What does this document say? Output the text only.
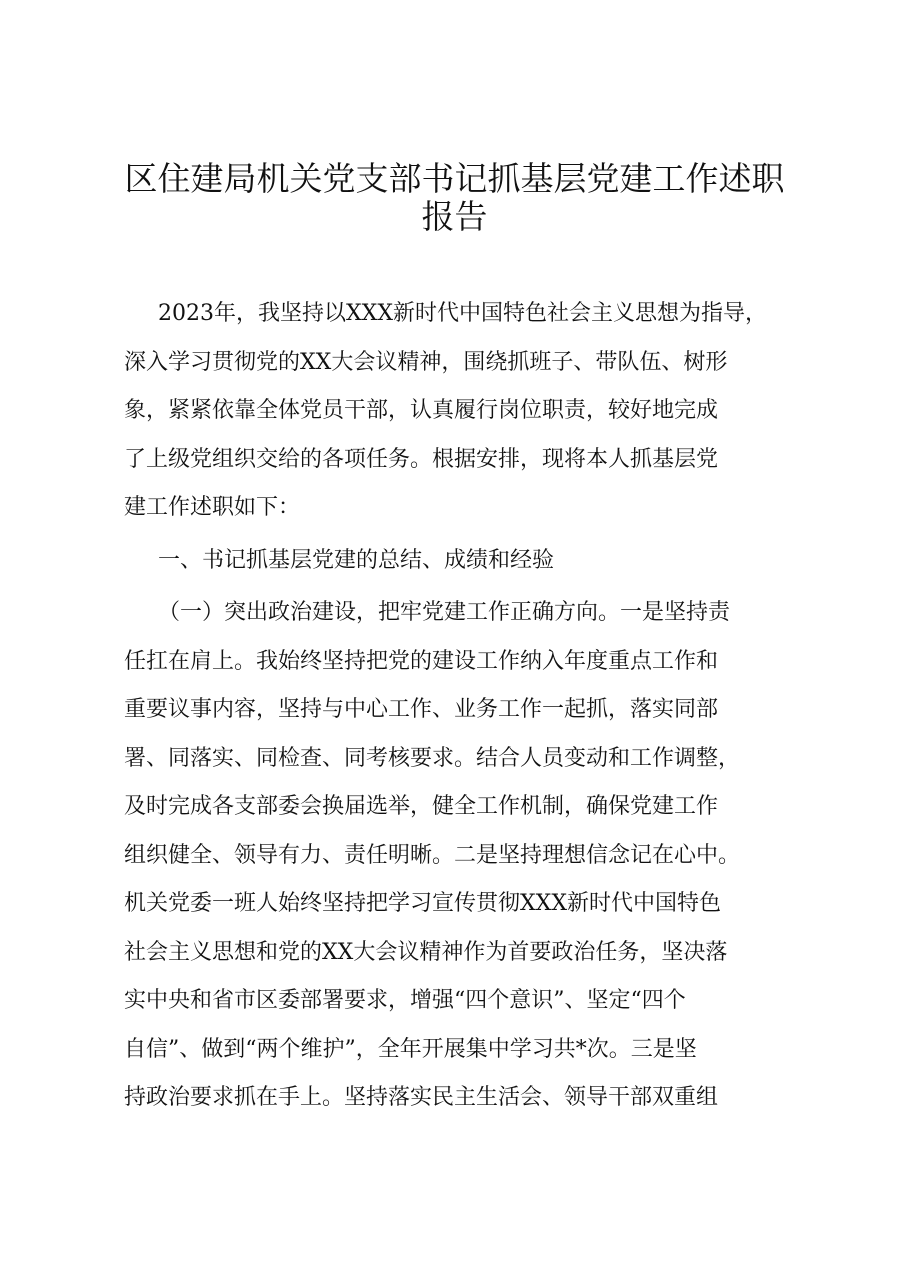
区住建局机关党支部书记抓基层党建工作述职
报告
2023年，我坚持以XXX新时代中国特色社会主义思想为指导，
深入学习贯彻党的XX大会议精神，围绕抓班子、带队伍、树形
象，紧紧依靠全体党员干部，认真履行岗位职责，较好地完成
了上级党组织交给的各项任务。根据安排，现将本人抓基层党
建工作述职如下：
一、书记抓基层党建的总结、成绩和经验
（一）突出政治建设，把牢党建工作正确方向。一是坚持责
任扛在肩上。我始终坚持把党的建设工作纳入年度重点工作和
重要议事内容，坚持与中心工作、业务工作一起抓，落实同部
署、同落实、同检查、同考核要求。结合人员变动和工作调整，
及时完成各支部委会换届选举，健全工作机制，确保党建工作
组织健全、领导有力、责任明晰。二是坚持理想信念记在心中。
机关党委一班人始终坚持把学习宣传贯彻XXX新时代中国特色
社会主义思想和党的XX大会议精神作为首要政治任务，坚决落
实中央和省市区委部署要求，增强“四个意识”、坚定“四个
自信”、做到“两个维护”，全年开展集中学习共*次。三是坚
持政治要求抓在手上。坚持落实民主生活会、领导干部双重组
